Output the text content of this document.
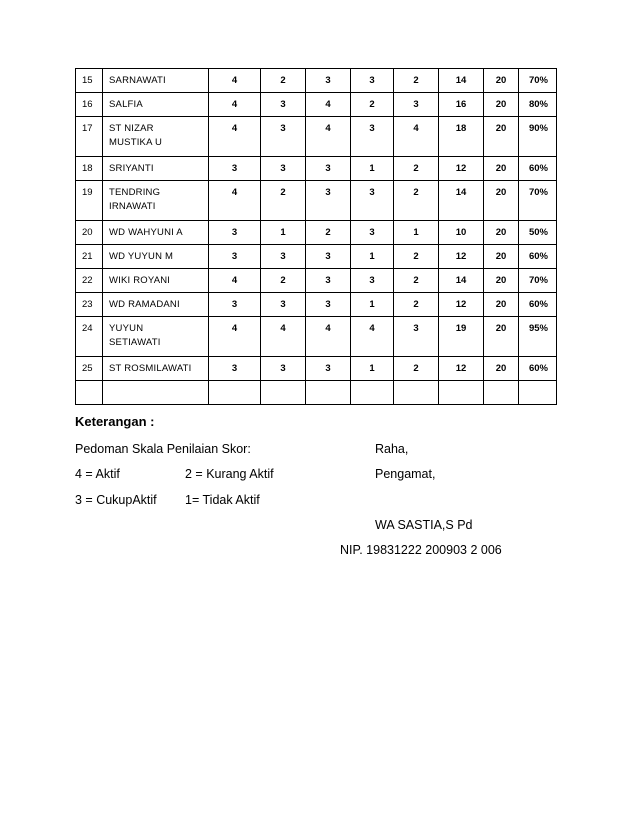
15	SARNAWATI	4	2	3	3	2	14	20	70%
16	SALFIA	4	3	4	2	3	16	20	80%
17	ST NIZAR
MUSTIKA U	4	3	4	3	4	18	20	90%
18	SRIYANTI	3	3	3	1	2	12	20	60%
19	TENDRING
IRNAWATI	4	2	3	3	2	14	20	70%
20	WD WAHYUNI A	3	1	2	3	1	10	20	50%
21	WD YUYUN M	3	3	3	1	2	12	20	60%
22	WIKI ROYANI	4	2	3	3	2	14	20	70%
23	WD RAMADANI	3	3	3	1	2	12	20	60%
24	YUYUN
SETIAWATI	4	4	4	4	3	19	20	95%
25	ST ROSMILAWATI	3	3	3	1	2	12	20	60%

Keterangan :
Pedoman Skala Penilaian Skor:	Raha,
4 = Aktif	2 = Kurang Aktif	Pengamat,
3 = CukupAktif 1= Tidak Aktif
WA SASTIA,S Pd
NIP. 19831222 200903 2 006
